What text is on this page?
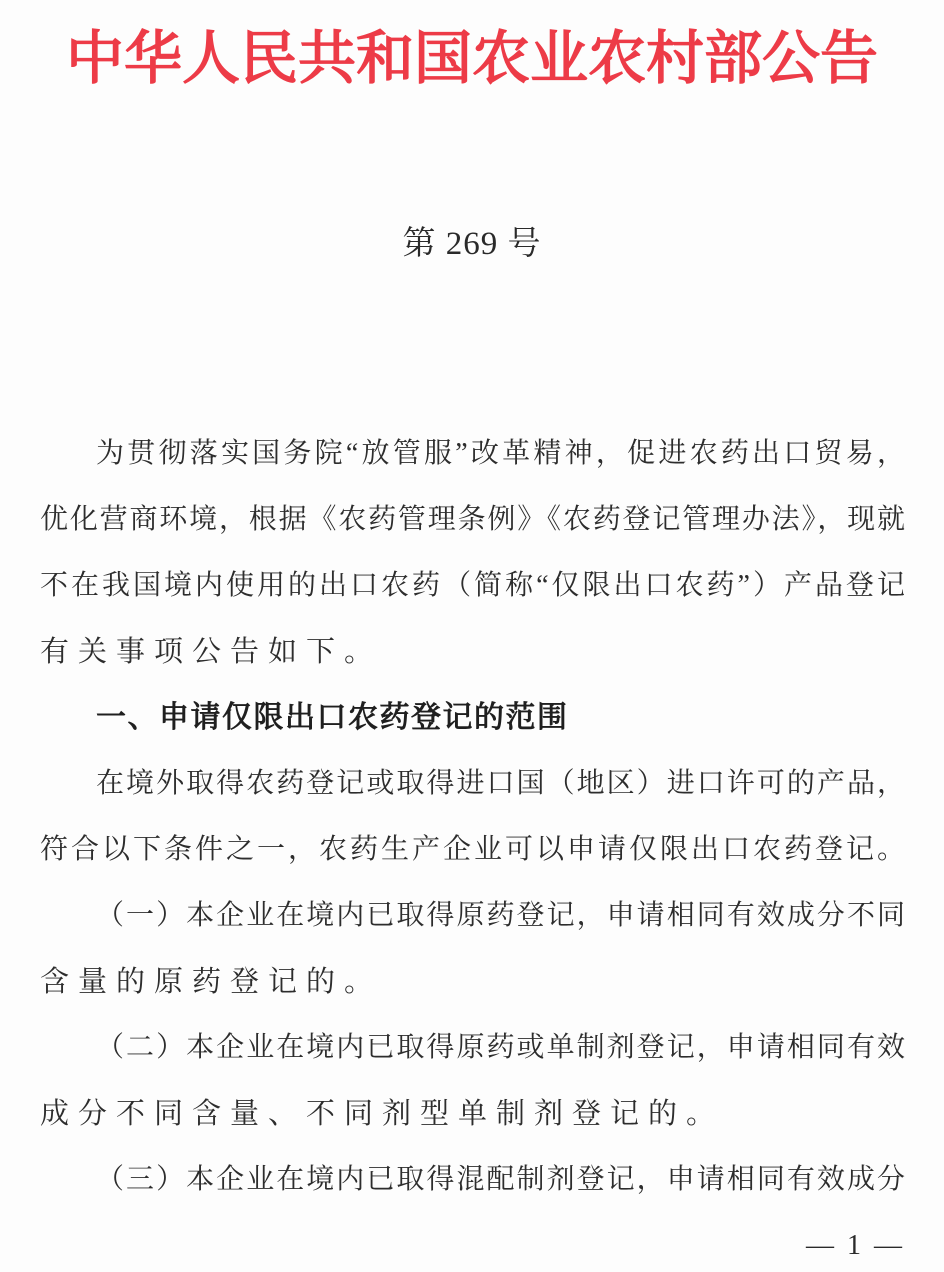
中华人民共和国农业农村部公告
第 269 号
为贯彻落实国务院“放管服”改革精神，促进农药出口贸易，
优化营商环境，根据《农药管理条例》《农药登记管理办法》，现就
不在我国境内使用的出口农药（简称“仅限出口农药”）产品登记
有关事项公告如下。
一、申请仅限出口农药登记的范围
在境外取得农药登记或取得进口国（地区）进口许可的产品，
符合以下条件之一，农药生产企业可以申请仅限出口农药登记。
（一）本企业在境内已取得原药登记，申请相同有效成分不同
含量的原药登记的。
（二）本企业在境内已取得原药或单制剂登记，申请相同有效
成分不同含量、不同剂型单制剂登记的。
（三）本企业在境内已取得混配制剂登记，申请相同有效成分
— 1 —
